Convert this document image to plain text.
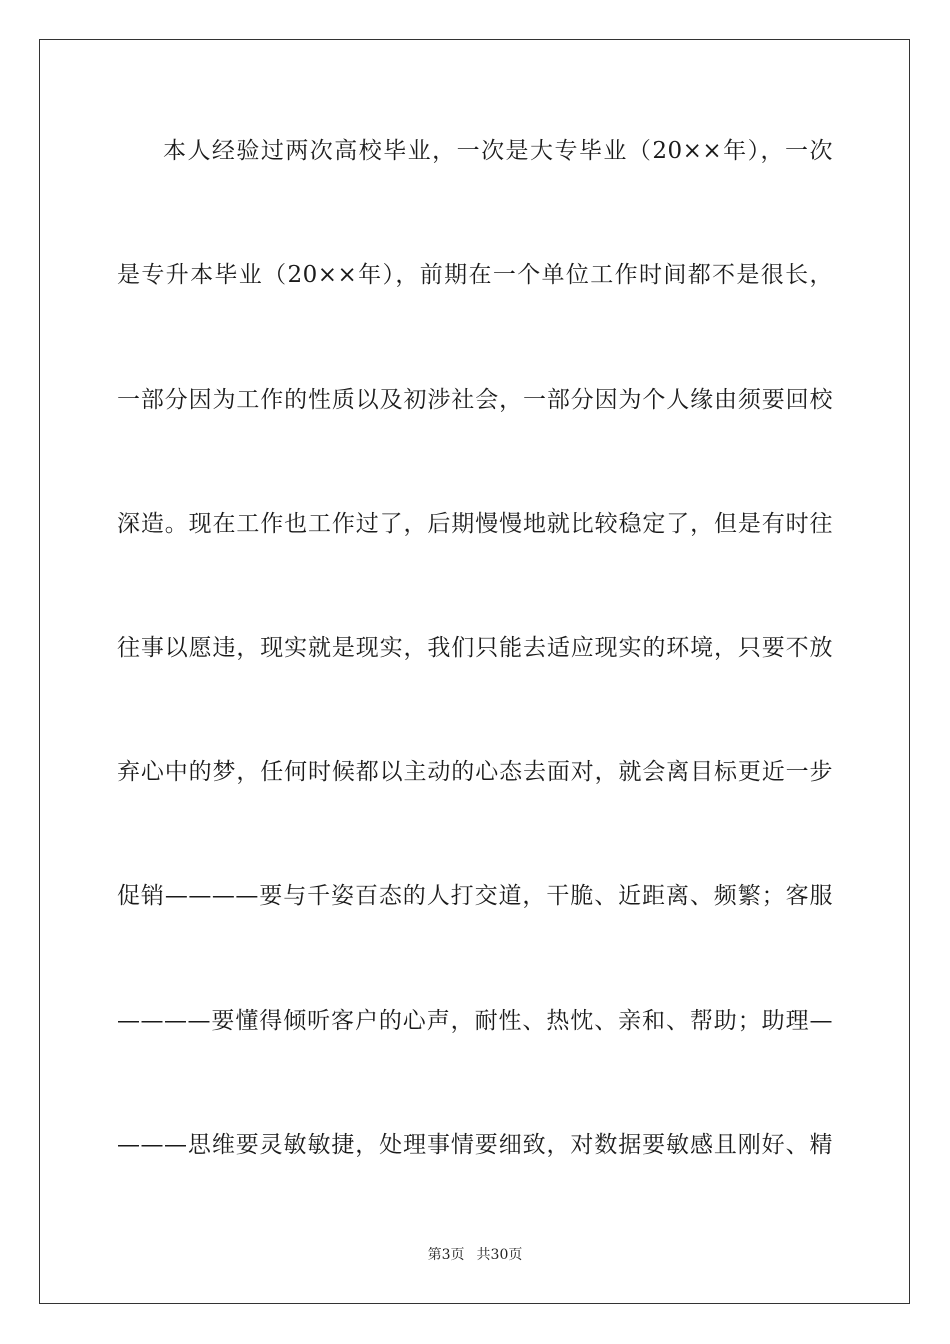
本人经验过两次高校毕业，一次是大专毕业（20××年），一次
是专升本毕业（20××年），前期在一个单位工作时间都不是很长，
一部分因为工作的性质以及初涉社会，一部分因为个人缘由须要回校
深造。现在工作也工作过了，后期慢慢地就比较稳定了，但是有时往
往事以愿违，现实就是现实，我们只能去适应现实的环境，只要不放
弃心中的梦，任何时候都以主动的心态去面对，就会离目标更近一步
促销————要与千姿百态的人打交道，干脆、近距离、频繁；客服
————要懂得倾听客户的心声，耐性、热忱、亲和、帮助；助理—
———思维要灵敏敏捷，处理事情要细致，对数据要敏感且刚好、精
第3页 共30页
